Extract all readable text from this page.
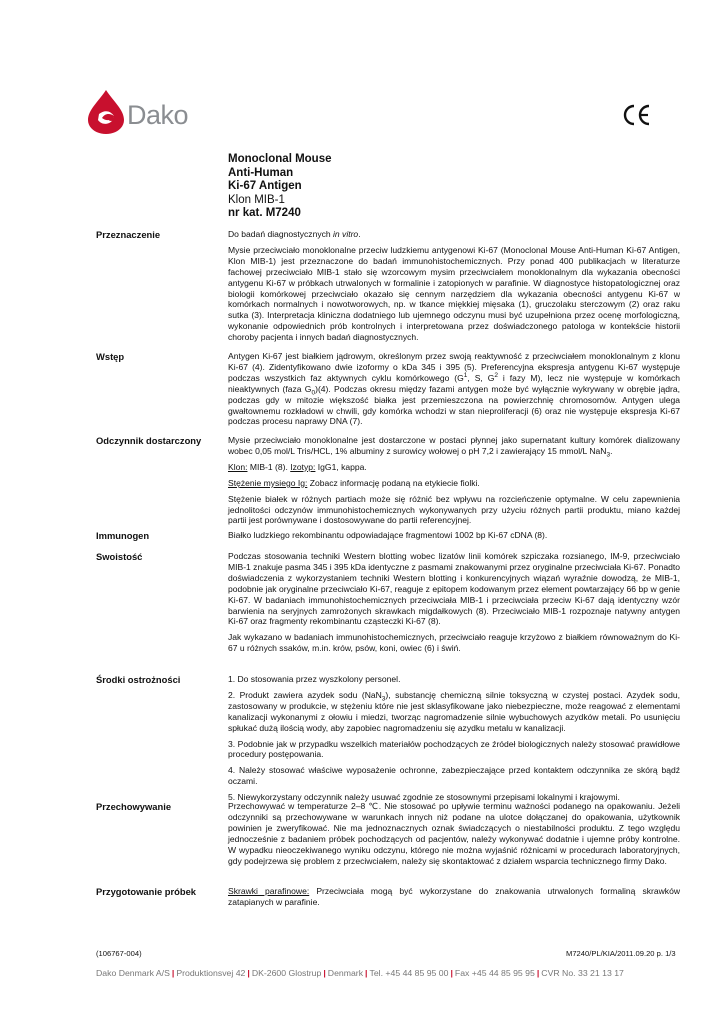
Dako
Monoclonal Mouse
Anti-Human
Ki-67 Antigen
Klon MIB-1
nr kat. M7240
Przeznaczenie	Do badań diagnostycznych in vitro.

Mysie przeciwciało monoklonalne przeciw ludzkiemu antygenowi Ki-67 (Monoclonal Mouse Anti-Human Ki-67 Antigen, Klon MIB-1) jest przeznaczone do badań immunohistochemicznych. Przy ponad 400 publikacjach w literaturze fachowej przeciwciało MIB-1 stało się wzorcowym mysim przeciwciałem monoklonalnym dla wykazania obecności antygenu Ki-67 w próbkach utrwalonych w formalinie i zatopionych w parafinie. W diagnostyce histopatologicznej oraz biologii komórkowej przeciwciało okazało się cennym narzędziem dla wykazania obecności antygenu Ki-67 w komórkach normalnych i nowotworowych, np. w tkance miękkiej mięsaka (1), gruczolaku sterczowym (2) oraz raku sutka (3). Interpretacja kliniczna dodatniego lub ujemnego odczynu musi być uzupełniona przez ocenę morfologiczną, wykonanie odpowiednich prób kontrolnych i interpretowana przez doświadczonego patologa w kontekście historii choroby pacjenta i innych badań diagnostycznych.

Wstęp	Antygen Ki-67 jest białkiem jądrowym, określonym przez swoją reaktywność z przeciwciałem monoklonalnym z klonu Ki-67 (4). Zidentyfikowano dwie izoformy o kDa 345 i 395 (5). Preferencyjna ekspresja antygenu Ki-67 występuje podczas wszystkich faz aktywnych cyklu komórkowego ($G^1$, S, $G^2$ i fazy M), lecz nie występuje w komórkach nieaktywnych (faza $G_0)(4)$. Podczas okresu między fazami antygen może być wyłącznie wykrywany w obrębie jądra, podczas gdy w mitozie większość białka jest przemieszczona na powierzchnię chromosomów. Antygen ulega gwałtownemu rozkładowi w chwili, gdy komórka wchodzi w stan nieproliferacji (6) oraz nie występuje ekspresja Ki-67 podczas procesu naprawy DNA (7).

Odczynnik dostarczony	Mysie przeciwciało monoklonalne jest dostarczone w postaci płynnej jako supernatant kultury komórek dializowany wobec 0,05 mol/L Tris/HCL, 1% albuminy z surowicy wołowej o pH 7,2 i zawierający 15 mmol/L NaN$_3$.

Klon: MIB-1 (8). Izotyp: IgG1, kappa.

Stężenie mysiego Ig: Zobacz informację podaną na etykiecie fiolki.

Stężenie białek w różnych partiach może się różnić bez wpływu na rozcieńczenie optymalne. W celu zapewnienia jednolitości odczynów immunohistochemicznych wykonywanych przy użyciu różnych partii produktu, miano każdej partii jest porównywane i dostosowywane do partii referencyjnej.

Immunogen	Białko ludzkiego rekombinantu odpowiadające fragmentowi 1002 bp Ki-67 cDNA (8).

Swoistość	Podczas stosowania techniki Western blotting wobec lizatów linii komórek szpiczaka rozsianego, IM-9, przeciwciało MIB-1 znakuje pasma 345 i 395 kDa identyczne z pasmami znakowanymi przez oryginalne przeciwciała Ki-67. Ponadto doświadczenia z wykorzystaniem techniki Western blotting i konkurencyjnych wiązań wyraźnie dowodzą, że MIB-1, podobnie jak oryginalne przeciwciało Ki-67, reaguje z epitopem kodowanym przez element powtarzający 66 bp w genie Ki-67. W badaniach immunohistochemicznych przeciwciała MIB-1 i przeciwciała przeciw Ki-67 dają identyczny wzór barwienia na seryjnych zamrożonych skrawkach migdałkowych (8). Przeciwciało MIB-1 rozpoznaje natywny antygen Ki-67 oraz fragmenty rekombinantu cząsteczki Ki-67 (8).

Jak wykazano w badaniach immunohistochemicznych, przeciwciało reaguje krzyżowo z białkiem równoważnym do Ki-67 u różnych ssaków, m.in. krów, psów, koni, owiec (6) i świń.

Środki ostrożności	1. Do stosowania przez wyszkolony personel.

2. Produkt zawiera azydek sodu (NaN$_3$), substancję chemiczną silnie toksyczną w czystej postaci. Azydek sodu, zastosowany w produkcie, w stężeniu które nie jest sklasyfikowane jako niebezpieczne, może reagować z elementami kanalizacji wykonanymi z ołowiu i miedzi, tworząc nagromadzenie silnie wybuchowych azydków metali. Po usunięciu spłukać dużą ilością wody, aby zapobiec nagromadzeniu się azydku metalu w kanalizacji.

3. Podobnie jak w przypadku wszelkich materiałów pochodzących ze źródeł biologicznych należy stosować prawidłowe procedury postępowania.

4. Należy stosować właściwe wyposażenie ochronne, zabezpieczające przed kontaktem odczynnika ze skórą bądź oczami.

5. Niewykorzystany odczynnik należy usuwać zgodnie ze stosownymi przepisami lokalnymi i krajowymi.

Przechowywanie	Przechowywać w temperaturze 2–8 ℃. Nie stosować po upływie terminu ważności podanego na opakowaniu. Jeżeli odczynniki są przechowywane w warunkach innych niż podane na ulotce dołączanej do opakowania, użytkownik powinien je zweryfikować. Nie ma jednoznacznych oznak świadczących o niestabilności produktu. Z tego względu jednocześnie z badaniem próbek pochodzących od pacjentów, należy wykonywać dodatnie i ujemne próby kontrolne. W wypadku nieoczekiwanego wyniku odczynu, którego nie można wyjaśnić różnicami w procedurach laboratoryjnych, gdy podejrzewa się problem z przeciwciałem, należy się skontaktować z działem wsparcia technicznego firmy Dako.

Przygotowanie próbek	Skrawki parafinowe: Przeciwciała mogą być wykorzystane do znakowania utrwalonych formaliną skrawków zatapianych w parafinie.

(106767-004)	M7240/PL/KIA/2011.09.20 p. 1/3
Dako Denmark A/S | Produktionsvej 42 | DK-2600 Glostrup | Denmark | Tel. +45 44 85 95 00 | Fax +45 44 85 95 95 | CVR No. 33 21 13 17
